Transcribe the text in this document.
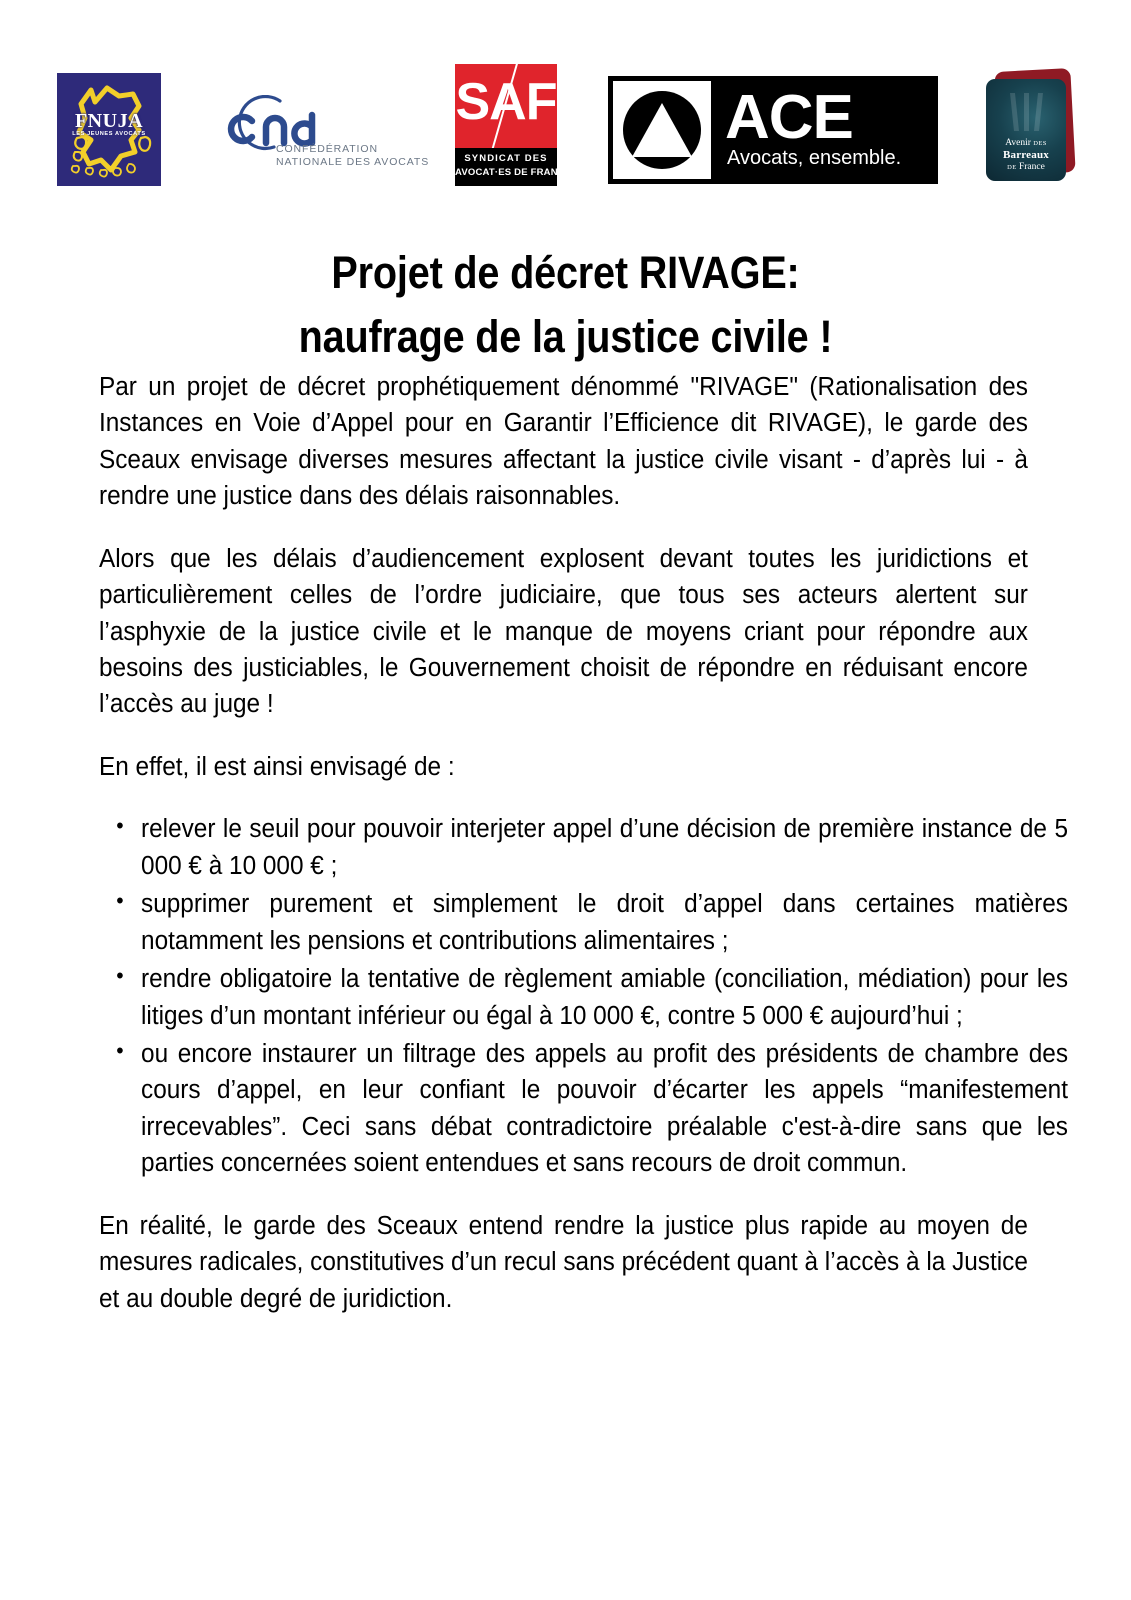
FNUJA
LES JEUNES AVOCATS
CONFÉDÉRATION
NATIONALE DES AVOCATS
SAF
SYNDICAT DES
AVOCAT·ES DE FRANCE
ACE
Avocats, ensemble.
Avenir DES
Barreaux
DE France
Projet de décret RIVAGE:
naufrage de la justice civile !

Par un projet de décret prophétiquement dénommé "RIVAGE" (Rationalisation des Instances en Voie d’Appel pour en Garantir l’Efficience dit RIVAGE), le garde des Sceaux envisage diverses mesures affectant la justice civile visant - d’après lui - à rendre une justice dans des délais raisonnables.

Alors que les délais d’audiencement explosent devant toutes les juridictions et particulièrement celles de l’ordre judiciaire, que tous ses acteurs alertent sur l’asphyxie de la justice civile et le manque de moyens criant pour répondre aux besoins des justiciables, le Gouvernement choisit de répondre en réduisant encore l’accès au juge !

En effet, il est ainsi envisagé de :

• relever le seuil pour pouvoir interjeter appel d’une décision de première instance de 5 000 € à 10 000 € ;
• supprimer purement et simplement le droit d’appel dans certaines matières notamment les pensions et contributions alimentaires ;
• rendre obligatoire la tentative de règlement amiable (conciliation, médiation) pour les litiges d’un montant inférieur ou égal à 10 000 €, contre 5 000 € aujourd’hui ;
• ou encore instaurer un filtrage des appels au profit des présidents de chambre des cours d’appel, en leur confiant le pouvoir d’écarter les appels “manifestement irrecevables”. Ceci sans débat contradictoire préalable c'est-à-dire sans que les parties concernées soient entendues et sans recours de droit commun.

En réalité, le garde des Sceaux entend rendre la justice plus rapide au moyen de mesures radicales, constitutives d’un recul sans précédent quant à l’accès à la Justice et au double degré de juridiction.
